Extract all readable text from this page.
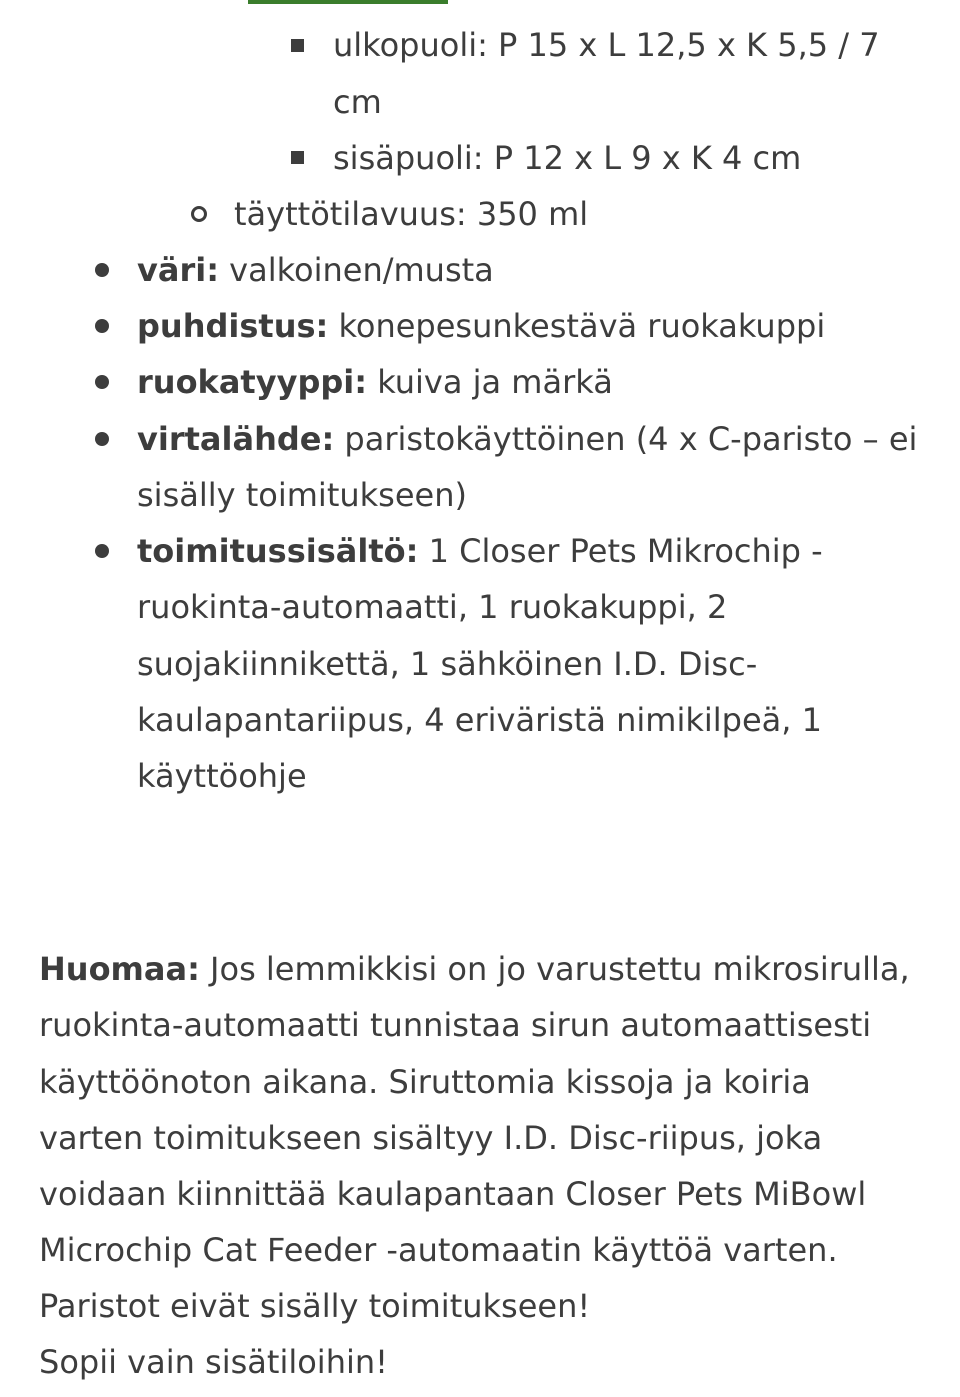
ulkopuoli: P 15 x L 12,5 x K 5,5 / 7
cm
sisäpuoli: P 12 x L 9 x K 4 cm
täyttötilavuus: 350 ml
väri: valkoinen/musta
puhdistus: konepesunkestävä ruokakuppi
ruokatyyppi: kuiva ja märkä
virtalähde: paristokäyttöinen (4 x C-paristo – ei
sisälly toimitukseen)
toimitussisältö: 1 Closer Pets Mikrochip -
ruokinta-automaatti, 1 ruokakuppi, 2
suojakiinnikettä, 1 sähköinen I.D. Disc-
kaulapantariipus, 4 eriväristä nimikilpeä, 1
käyttöohje
Huomaa: Jos lemmikkisi on jo varustettu mikrosirulla,
ruokinta-automaatti tunnistaa sirun automaattisesti
käyttöönoton aikana. Siruttomia kissoja ja koiria
varten toimitukseen sisältyy I.D. Disc-riipus, joka
voidaan kiinnittää kaulapantaan Closer Pets MiBowl
Microchip Cat Feeder -automaatin käyttöä varten.
Paristot eivät sisälly toimitukseen!
Sopii vain sisätiloihin!
